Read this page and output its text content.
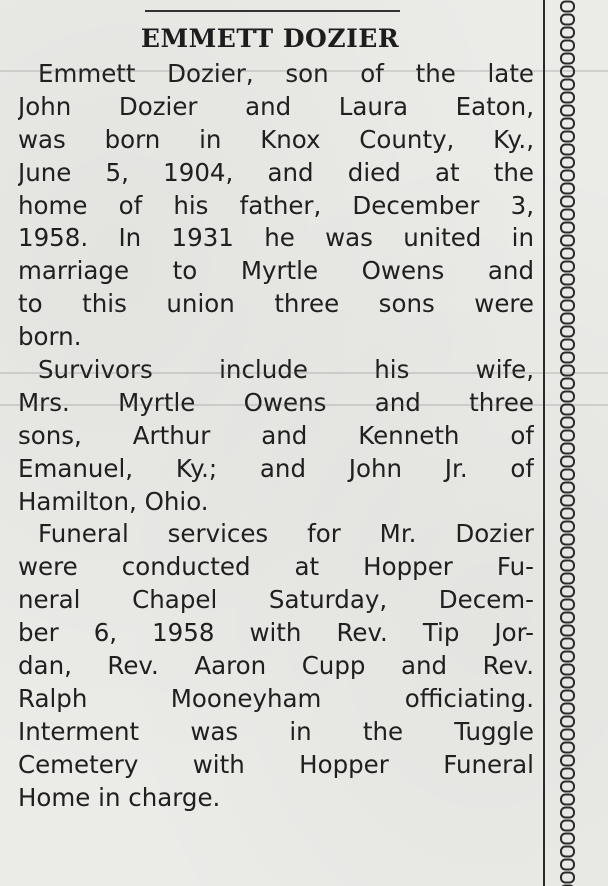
EMMETT DOZIER
Emmett Dozier, son of the late
John Dozier and Laura Eaton,
was born in Knox County, Ky.,
June 5, 1904, and died at the
home of his father, December 3,
1958. In 1931 he was united in
marriage to Myrtle Owens and
to this union three sons were
born.
Survivors include his wife,
Mrs. Myrtle Owens and three
sons, Arthur and Kenneth of
Emanuel, Ky.; and John Jr. of
Hamilton, Ohio.
Funeral services for Mr. Dozier
were conducted at Hopper Fu-
neral Chapel Saturday, Decem-
ber 6, 1958 with Rev. Tip Jor-
dan, Rev. Aaron Cupp and Rev.
Ralph Mooneyham officiating.
Interment was in the Tuggle
Cemetery with Hopper Funeral
Home in charge.
